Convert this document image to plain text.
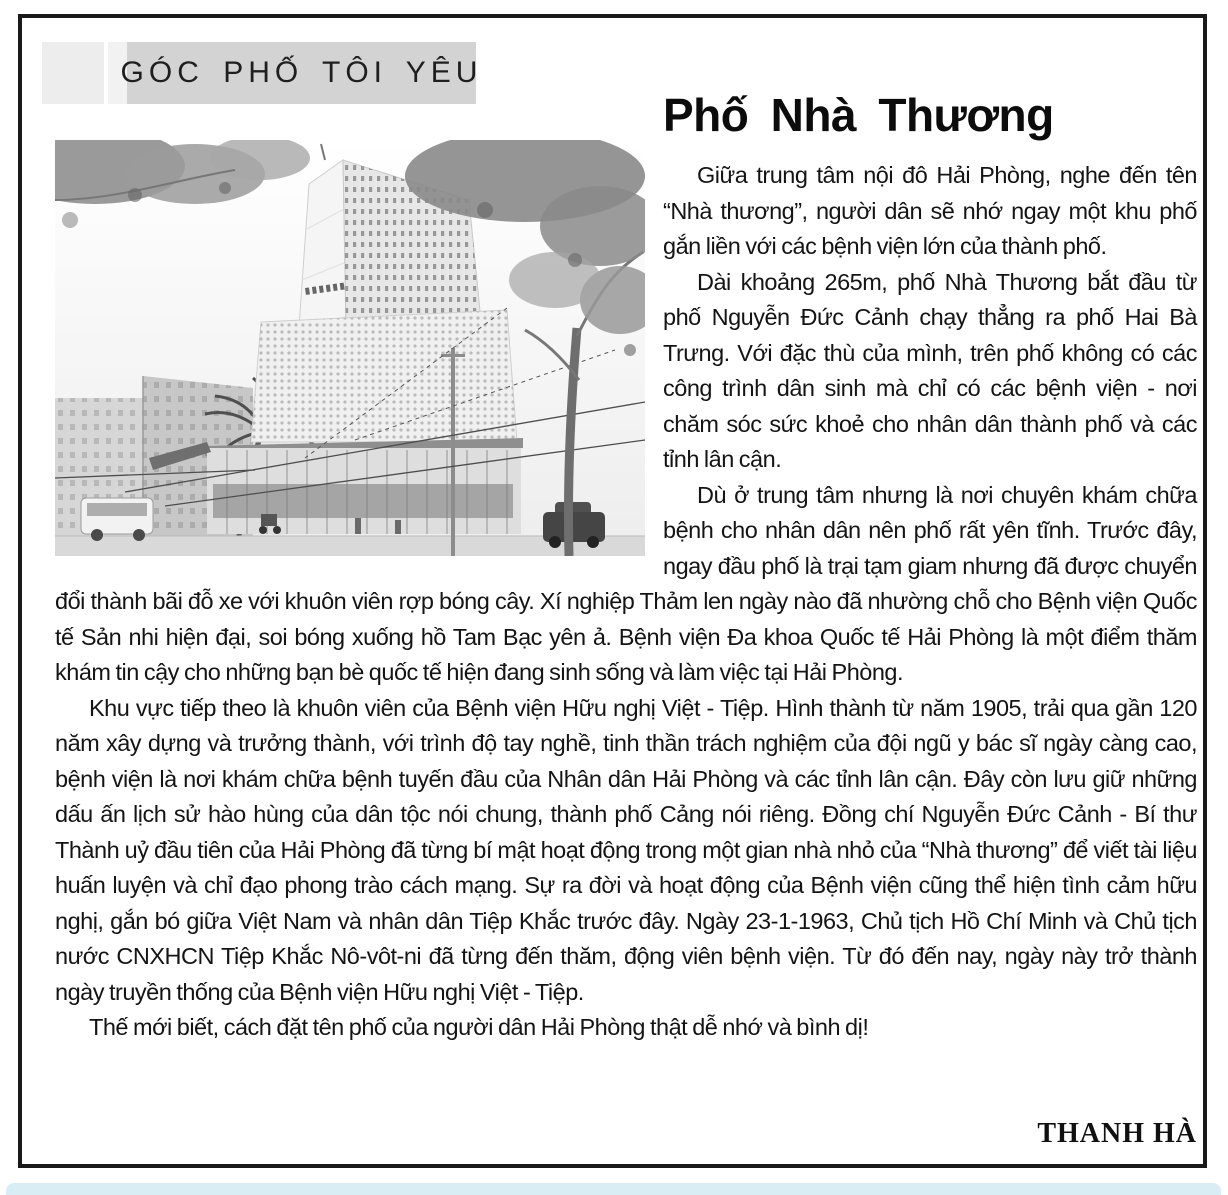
GÓC PHỐ TÔI YÊU
Phố Nhà Thương

Giữa trung tâm nội đô Hải Phòng, nghe đến tên “Nhà thương”, người dân sẽ nhớ ngay một khu phố gắn liền với các bệnh viện lớn của thành phố.

Dài khoảng 265m, phố Nhà Thương bắt đầu từ phố Nguyễn Đức Cảnh chạy thẳng ra phố Hai Bà Trưng. Với đặc thù của mình, trên phố không có các công trình dân sinh mà chỉ có các bệnh viện - nơi chăm sóc sức khoẻ cho nhân dân thành phố và các tỉnh lân cận.

Dù ở trung tâm nhưng là nơi chuyên khám chữa bệnh cho nhân dân nên phố rất yên tĩnh. Trước đây, ngay đầu phố là trại tạm giam nhưng đã được chuyển đổi thành bãi đỗ xe với khuôn viên rợp bóng cây. Xí nghiệp Thảm len ngày nào đã nhường chỗ cho Bệnh viện Quốc tế Sản nhi hiện đại, soi bóng xuống hồ Tam Bạc yên ả. Bệnh viện Đa khoa Quốc tế Hải Phòng là một điểm thăm khám tin cậy cho những bạn bè quốc tế hiện đang sinh sống và làm việc tại Hải Phòng.

Khu vực tiếp theo là khuôn viên của Bệnh viện Hữu nghị Việt - Tiệp. Hình thành từ năm 1905, trải qua gần 120 năm xây dựng và trưởng thành, với trình độ tay nghề, tinh thần trách nghiệm của đội ngũ y bác sĩ ngày càng cao, bệnh viện là nơi khám chữa bệnh tuyến đầu của Nhân dân Hải Phòng và các tỉnh lân cận. Đây còn lưu giữ những dấu ấn lịch sử hào hùng của dân tộc nói chung, thành phố Cảng nói riêng. Đồng chí Nguyễn Đức Cảnh - Bí thư Thành uỷ đầu tiên của Hải Phòng đã từng bí mật hoạt động trong một gian nhà nhỏ của “Nhà thương” để viết tài liệu huấn luyện và chỉ đạo phong trào cách mạng. Sự ra đời và hoạt động của Bệnh viện cũng thể hiện tình cảm hữu nghị, gắn bó giữa Việt Nam và nhân dân Tiệp Khắc trước đây. Ngày 23-1-1963, Chủ tịch Hồ Chí Minh và Chủ tịch nước CNXHCN Tiệp Khắc Nô-vôt-ni đã từng đến thăm, động viên bệnh viện. Từ đó đến nay, ngày này trở thành ngày truyền thống của Bệnh viện Hữu nghị Việt - Tiệp.

Thế mới biết, cách đặt tên phố của người dân Hải Phòng thật dễ nhớ và bình dị!

THANH HÀ
